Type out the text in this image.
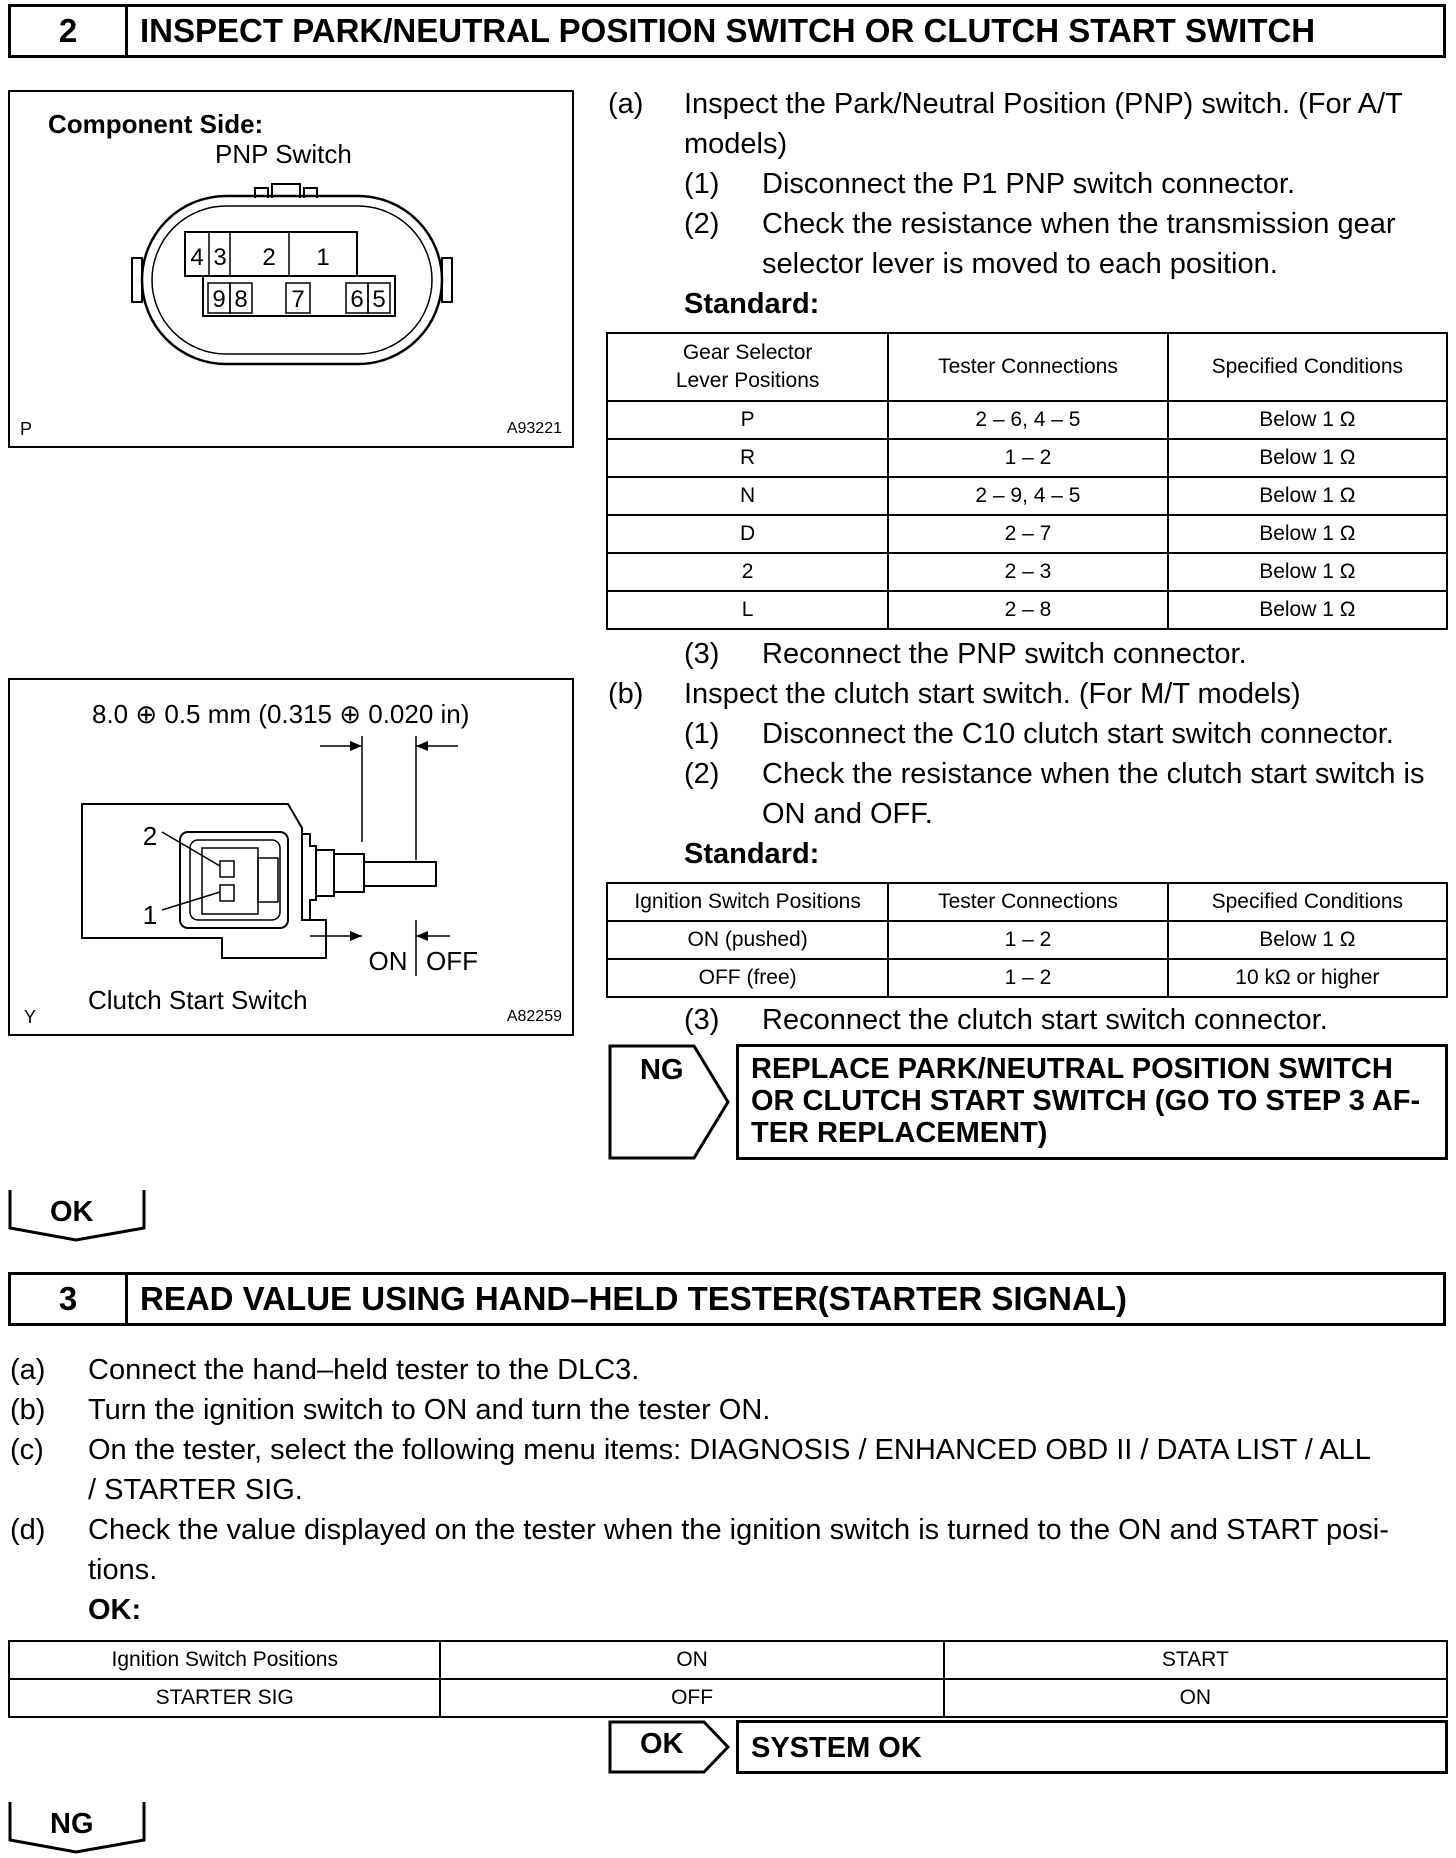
2	INSPECT PARK/NEUTRAL POSITION SWITCH OR CLUTCH START SWITCH
Component Side:
PNP Switch
4 3 2 1
9 8 7 6 5
P	A93221
8.0 ⊕ 0.5 mm (0.315 ⊕ 0.020 in)
2
1
ON OFF
Clutch Start Switch
Y	A82259
(a) Inspect the Park/Neutral Position (PNP) switch. (For A/T
models)
(1) Disconnect the P1 PNP switch connector.
(2) Check the resistance when the transmission gear
selector lever is moved to each position.
Standard:
Gear Selector
Lever Positions	Tester Connections	Specified Conditions
P	2 – 6, 4 – 5	Below 1 Ω
R	1 – 2	Below 1 Ω
N	2 – 9, 4 – 5	Below 1 Ω
D	2 – 7	Below 1 Ω
2	2 – 3	Below 1 Ω
L	2 – 8	Below 1 Ω
(3) Reconnect the PNP switch connector.
(b) Inspect the clutch start switch. (For M/T models)
(1) Disconnect the C10 clutch start switch connector.
(2) Check the resistance when the clutch start switch is
ON and OFF.
Standard:
Ignition Switch Positions	Tester Connections	Specified Conditions
ON (pushed)	1 – 2	Below 1 Ω
OFF (free)	1 – 2	10 kΩ or higher
(3) Reconnect the clutch start switch connector.
NG REPLACE PARK/NEUTRAL POSITION SWITCH
OR CLUTCH START SWITCH (GO TO STEP 3 AF-
TER REPLACEMENT)
OK
3	READ VALUE USING HAND–HELD TESTER(STARTER SIGNAL)
(a) Connect the hand–held tester to the DLC3.
(b) Turn the ignition switch to ON and turn the tester ON.
(c) On the tester, select the following menu items: DIAGNOSIS / ENHANCED OBD II / DATA LIST / ALL
/ STARTER SIG.
(d) Check the value displayed on the tester when the ignition switch is turned to the ON and START posi-
tions.
OK:
Ignition Switch Positions	ON	START
STARTER SIG	OFF	ON
OK	SYSTEM OK
NG
